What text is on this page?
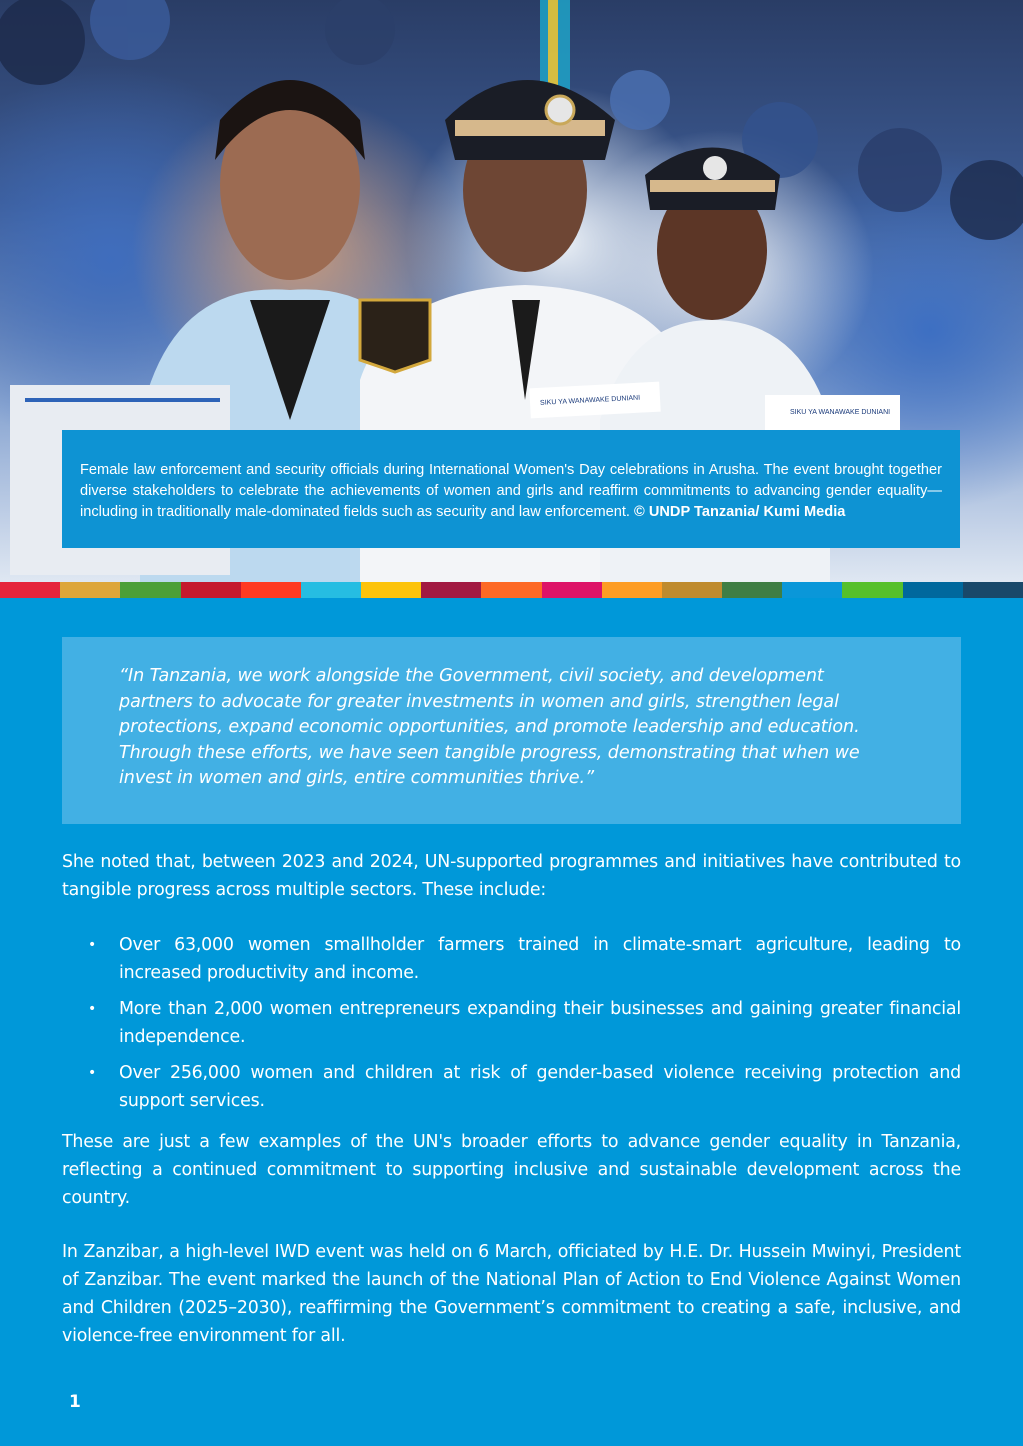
SIKU YA WANAWAKE DUNIANI
SIKU YA WANAWAKE DUNIANI
Female law enforcement and security officials during International Women's Day celebrations in Arusha. The event brought together diverse stakeholders to celebrate the achievements of women and girls and reaffirm commitments to advancing gender equality—including in traditionally male-dominated fields such as security and law enforcement. © UNDP Tanzania/ Kumi Media
“In Tanzania, we work alongside the Government, civil society, and development partners to advocate for greater investments in women and girls, strengthen legal protections, expand economic opportunities, and promote leadership and education. Through these efforts, we have seen tangible progress, demonstrating that when we invest in women and girls, entire communities thrive.”

She noted that, between 2023 and 2024, UN-supported programmes and initiatives have contributed to tangible progress across multiple sectors. These include:

• Over 63,000 women smallholder farmers trained in climate-smart agriculture, leading to increased productivity and income.
• More than 2,000 women entrepreneurs expanding their businesses and gaining greater financial independence.
• Over 256,000 women and children at risk of gender-based violence receiving protection and support services.

These are just a few examples of the UN's broader efforts to advance gender equality in Tanzania, reflecting a continued commitment to supporting inclusive and sustainable development across the country.

In Zanzibar, a high-level IWD event was held on 6 March, officiated by H.E. Dr. Hussein Mwinyi, President of Zanzibar. The event marked the launch of the National Plan of Action to End Violence Against Women and Children (2025–2030), reaffirming the Government’s commitment to creating a safe, inclusive, and violence-free environment for all.

1
